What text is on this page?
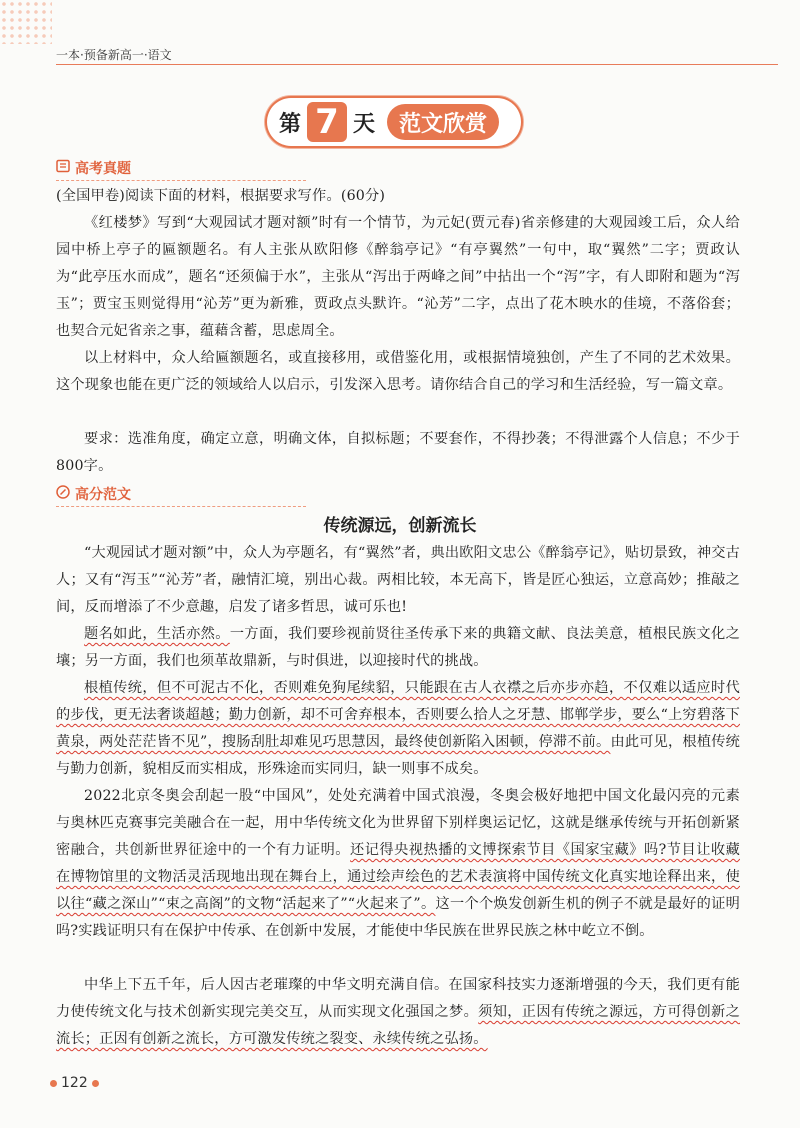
一本·预备新高一·语文
第 7 天	范文欣赏
高考真题

(全国甲卷)阅读下面的材料，根据要求写作。(60分)

《红楼梦》写到“大观园试才题对额”时有一个情节，为元妃(贾元春)省亲修建的大观园竣工后，众人给园中桥上亭子的匾额题名。有人主张从欧阳修《醉翁亭记》“有亭翼然”一句中，取“翼然”二字；贾政认为“此亭压水而成”，题名“还须偏于水”，主张从“泻出于两峰之间”中拈出一个“泻”字，有人即附和题为“泻玉”；贾宝玉则觉得用“沁芳”更为新雅，贾政点头默许。“沁芳”二字，点出了花木映水的佳境，不落俗套；也契合元妃省亲之事，蕴藉含蓄，思虑周全。

以上材料中，众人给匾额题名，或直接移用，或借鉴化用，或根据情境独创，产生了不同的艺术效果。这个现象也能在更广泛的领域给人以启示，引发深入思考。请你结合自己的学习和生活经验，写一篇文章。

要求：选准角度，确定立意，明确文体，自拟标题；不要套作，不得抄袭；不得泄露个人信息；不少于800字。

高分范文
传统源远，创新流长

“大观园试才题对额”中，众人为亭题名，有“翼然”者，典出欧阳文忠公《醉翁亭记》，贴切景致，神交古人；又有“泻玉”“沁芳”者，融情汇境，别出心裁。两相比较，本无高下，皆是匠心独运，立意高妙；推敲之间，反而增添了不少意趣，启发了诸多哲思，诚可乐也!

题名如此，生活亦然。一方面，我们要珍视前贤往圣传承下来的典籍文献、良法美意，植根民族文化之壤；另一方面，我们也须革故鼎新，与时俱进，以迎接时代的挑战。

根植传统，但不可泥古不化，否则难免狗尾续貂，只能跟在古人衣襟之后亦步亦趋，不仅难以适应时代的步伐，更无法奢谈超越；勤力创新，却不可舍弃根本，否则要么拾人之牙慧、邯郸学步，要么“上穷碧落下黄泉，两处茫茫皆不见”，搜肠刮肚却难见巧思慧因，最终使创新陷入困顿，停滞不前。由此可见，根植传统与勤力创新，貌相反而实相成，形殊途而实同归，缺一则事不成矣。

2022北京冬奥会刮起一股“中国风”，处处充满着中国式浪漫，冬奥会极好地把中国文化最闪亮的元素与奥林匹克赛事完美融合在一起，用中华传统文化为世界留下别样奥运记忆，这就是继承传统与开拓创新紧密融合，共创新世界征途中的一个有力证明。还记得央视热播的文博探索节目《国家宝藏》吗?节目让收藏在博物馆里的文物活灵活现地出现在舞台上，通过绘声绘色的艺术表演将中国传统文化真实地诠释出来，使以往“藏之深山”“束之高阁”的文物“活起来了”“火起来了”。这一个个焕发创新生机的例子不就是最好的证明吗?实践证明只有在保护中传承、在创新中发展，才能使中华民族在世界民族之林中屹立不倒。

中华上下五千年，后人因古老璀璨的中华文明充满自信。在国家科技实力逐渐增强的今天，我们更有能力使传统文化与技术创新实现完美交互，从而实现文化强国之梦。须知，正因有传统之源远，方可得创新之流长；正因有创新之流长，方可激发传统之裂变、永续传统之弘扬。

122
